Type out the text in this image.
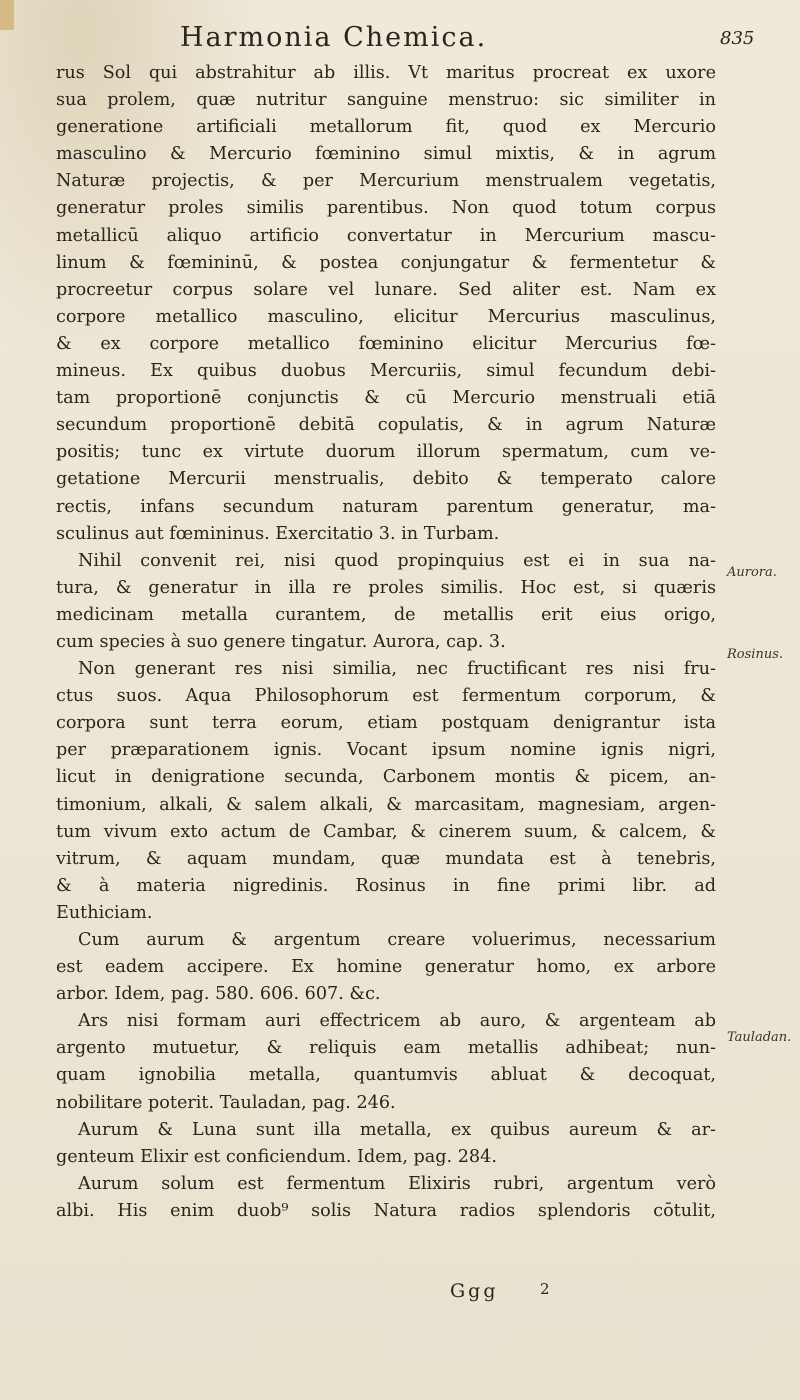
Harmonia Chemica.	835
rus Sol qui abstrahitur ab illis. Vt maritus procreat ex uxore
sua prolem, quæ nutritur sanguine menstruo: sic similiter in
generatione artificiali metallorum fit, quod ex Mercurio
masculino & Mercurio fœminino simul mixtis, & in agrum
Naturæ projectis, & per Mercurium menstrualem vegetatis,
generatur proles similis parentibus. Non quod totum corpus
metallicū aliquo artificio convertatur in Mercurium mascu-
linum & fœmininū, & postea conjungatur & fermentetur &
procreetur corpus solare vel lunare. Sed aliter est. Nam ex
corpore metallico masculino, elicitur Mercurius masculinus,
& ex corpore metallico fœminino elicitur Mercurius fœ-
mineus. Ex quibus duobus Mercuriis, simul fecundum debi-
tam proportionē conjunctis & cū Mercurio menstruali etiā
secundum proportionē debitā copulatis, & in agrum Naturæ
positis; tunc ex virtute duorum illorum spermatum, cum ve-
getatione Mercurii menstrualis, debito & temperato calore
rectis, infans secundum naturam parentum generatur, ma-
sculinus aut fœmininus. Exercitatio 3. in Turbam.
Nihil convenit rei, nisi quod propinquius est ei in sua na-
tura, & generatur in illa re proles similis. Hoc est, si quæris
medicinam metalla curantem, de metallis erit eius origo,
cum species à suo genere tingatur. Aurora, cap. 3.
Non generant res nisi similia, nec fructificant res nisi fru-
ctus suos. Aqua Philosophorum est fermentum corporum, &
corpora sunt terra eorum, etiam postquam denigrantur ista
per præparationem ignis. Vocant ipsum nomine ignis nigri,
licut in denigratione secunda, Carbonem montis & picem, an-
timonium, alkali, & salem alkali, & marcasitam, magnesiam, argen-
tum vivum exto actum de Cambar, & cinerem suum, & calcem, &
vitrum, & aquam mundam, quæ mundata est à tenebris,
& à materia nigredinis. Rosinus in fine primi libr. ad
Euthiciam.
Cum aurum & argentum creare voluerimus, necessarium
est eadem accipere. Ex homine generatur homo, ex arbore
arbor. Idem, pag. 580. 606. 607. &c.
Ars nisi formam auri effectricem ab auro, & argenteam ab
argento mutuetur, & reliquis eam metallis adhibeat; nun-
quam ignobilia metalla, quantumvis abluat & decoquat,
nobilitare poterit. Tauladan, pag. 246.
Aurum & Luna sunt illa metalla, ex quibus aureum & ar-
genteum Elixir est conficiendum. Idem, pag. 284.
Aurum solum est fermentum Elixiris rubri, argentum verò
albi. His enim duob⁹ solis Natura radios splendoris cōtulit,
Aurora.
Rosinus.
Tauladan.
Ggg	2
